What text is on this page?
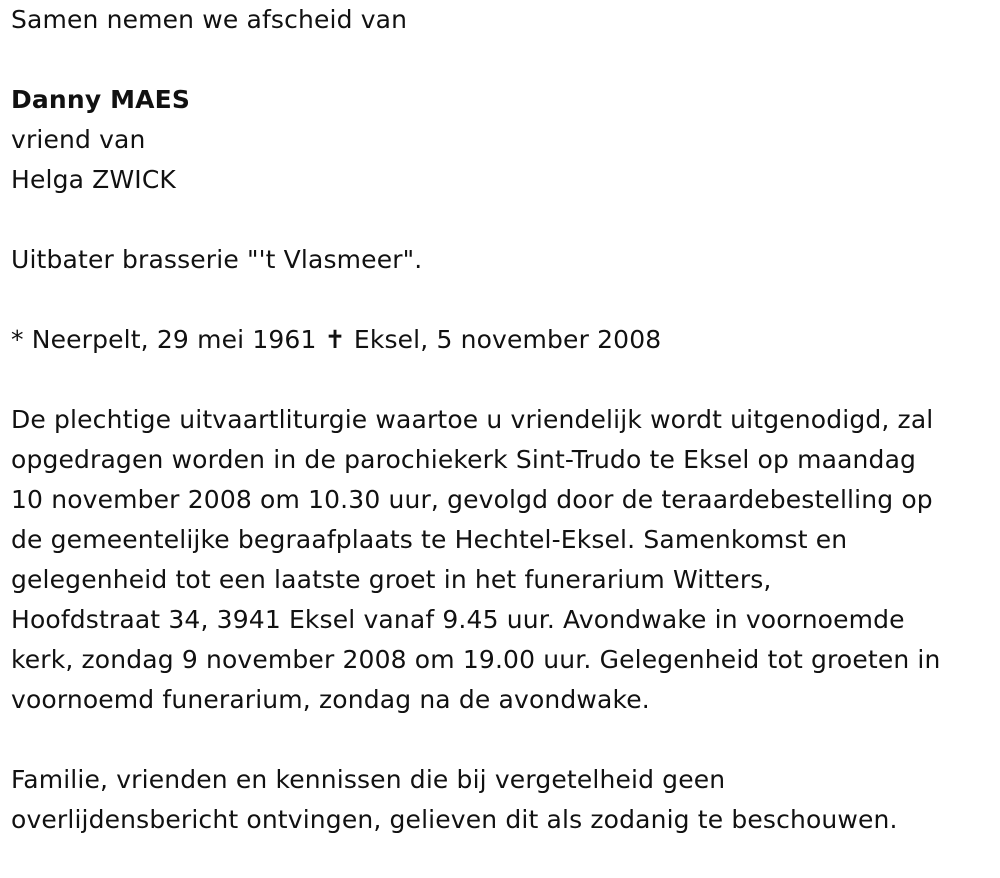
Samen nemen we afscheid van

Danny MAES

vriend van

Helga ZWICK

Uitbater brasserie "'t Vlasmeer".

* Neerpelt, 29 mei 1961 ✝ Eksel, 5 november 2008

De plechtige uitvaartliturgie waartoe u vriendelijk wordt uitgenodigd, zal
opgedragen worden in de parochiekerk Sint-Trudo te Eksel op maandag
10 november 2008 om 10.30 uur, gevolgd door de teraardebestelling op
de gemeentelijke begraafplaats te Hechtel-Eksel. Samenkomst en
gelegenheid tot een laatste groet in het funerarium Witters,
Hoofdstraat 34, 3941 Eksel vanaf 9.45 uur. Avondwake in voornoemde
kerk, zondag 9 november 2008 om 19.00 uur. Gelegenheid tot groeten in
voornoemd funerarium, zondag na de avondwake.
Familie, vrienden en kennissen die bij vergetelheid geen
overlijdensbericht ontvingen, gelieven dit als zodanig te beschouwen.
